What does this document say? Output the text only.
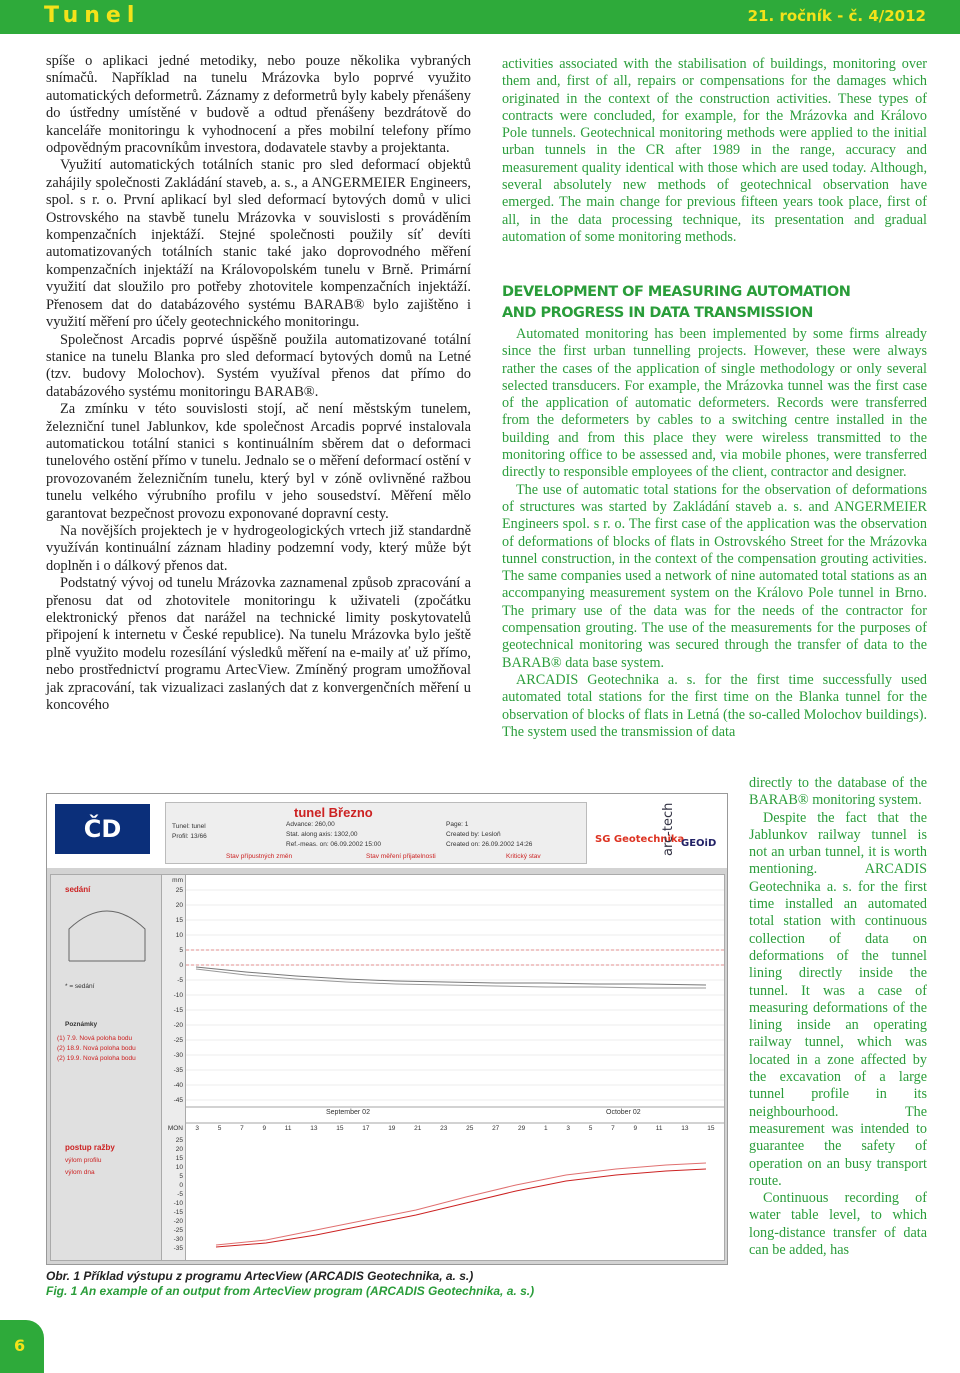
Tunel	21. ročník - č. 4/2012

spíše o aplikaci jedné metodiky, nebo pouze několika vybraných snímačů. Například na tunelu Mrázovka bylo poprvé využito automatických deformetrů. Záznamy z deformetrů byly kabely přenášeny do ústředny umístěné v budově a odtud přenášeny bezdrátově do kanceláře monitoringu k vyhodnocení a přes mobilní telefony přímo odpovědným pracovníkům investora, dodavatele stavby a projektanta.

Využití automatických totálních stanic pro sled deformací objektů zahájily společnosti Zakládání staveb, a. s., a ANGERMEIER Engineers, spol. s r. o. První aplikací byl sled deformací bytových domů v ulici Ostrovského na stavbě tunelu Mrázovka v souvislosti s prováděním kompenzačních injektáží. Stejné společnosti použily síť devíti automatizovaných totálních stanic také jako doprovodného měření kompenzačních injektáží na Královopolském tunelu v Brně. Primární využití dat sloužilo pro potřeby zhotovitele kompenzačních injektáží. Přenosem dat do databázového systému BARAB® bylo zajištěno i využití měření pro účely geotechnického monitoringu.

Společnost Arcadis poprvé úspěšně použila automatizované totální stanice na tunelu Blanka pro sled deformací bytových domů na Letné (tzv. budovy Molochov). Systém využíval přenos dat přímo do databázového systému monitoringu BARAB®.

Za zmínku v této souvislosti stojí, ač není městským tunelem, železniční tunel Jablunkov, kde společnost Arcadis poprvé instalovala automatickou totální stanici s kontinuálním sběrem dat o deformaci tunelového ostění přímo v tunelu. Jednalo se o měření deformací ostění v provozovaném železničním tunelu, který byl v zóně ovlivněné ražbou tunelu velkého výrubního profilu v jeho sousedství. Měření mělo garantovat bezpečnost provozu exponované dopravní cesty.

Na novějších projektech je v hydrogeologických vrtech již standardně využíván kontinuální záznam hladiny podzemní vody, který může být doplněn i o dálkový přenos dat.

Podstatný vývoj od tunelu Mrázovka zaznamenal způsob zpracování a přenosu dat od zhotovitele monitoringu k uživateli (zpočátku elektronický přenos dat narážel na technické limity poskytovatelů připojení k internetu v České republice). Na tunelu Mrázovka bylo ještě plně využito modelu rozesílání výsledků měření na e-maily ať už přímo, nebo prostřednictví programu ArtecView. Zmíněný program umožňoval jak zpracování, tak vizualizaci zaslaných dat z konvergenčních měření u koncového

activities associated with the stabilisation of buildings, monitoring over them and, first of all, repairs or compensations for the damages which originated in the context of the construction activities. These types of contracts were concluded, for example, for the Mrázovka and Královo Pole tunnels. Geotechnical monitoring methods were applied to the initial urban tunnels in the CR after 1989 in the range, accuracy and measurement quality identical with those which are used today. Although, several absolutely new methods of geotechnical observation have emerged. The main change for previous fifteen years took place, first of all, in the data processing technique, its presentation and gradual automation of some monitoring methods.

DEVELOPMENT OF MEASURING AUTOMATION
AND PROGRESS IN DATA TRANSMISSION

Automated monitoring has been implemented by some firms already since the first urban tunnelling projects. However, these were always rather the cases of the application of single methodology or only several selected transducers. For example, the Mrázovka tunnel was the first case of the application of automatic deformeters. Records were transferred from the deformeters by cables to a switching centre installed in the building and from this place they were wireless transmitted to the monitoring office to be assessed and, via mobile phones, were transferred directly to responsible employees of the client, contractor and designer.

The use of automatic total stations for the observation of deformations of structures was started by Zakládání staveb a. s. and ANGERMEIER Engineers spol. s r. o. The first case of the application was the observation of deformations of blocks of flats in Ostrovského Street for the Mrázovka tunnel construction, in the context of the compensation grouting activities. The same companies used a network of nine automated total stations as an accompanying measurement system on the Královo Pole tunnel in Brno. The primary use of the data was for the needs of the contractor for compensation grouting. The use of the measurements for the purposes of geotechnical monitoring was secured through the transfer of data to the BARAB® data base system.

ARCADIS Geotechnika a. s. for the first time successfully used automated total stations for the first time on the Blanka tunnel for the observation of blocks of flats in Letná (the so-called Molochov buildings). The system used the transmission of data

directly to the database of the BARAB® monitoring system.

Despite the fact that the Jablunkov railway tunnel is not an urban tunnel, it is worth mentioning. ARCADIS Geotechnika a. s. for the first time installed an automated total station with continuous collection of data on deformations of the tunnel lining directly inside the tunnel. It was a case of measuring deformations of the lining inside an operating railway tunnel, which was located in a zone affected by the excavation of a large tunnel profile in its neighbourhood. The measurement was intended to guarantee the safety of operation on an busy transport route.

Continuous recording of water table level, to which long-distance transfer of data can be added, has

ČD
tunel Březno
Tunel: tunel
Profil: 13/66
Advance: 260,00
Stat. along axis: 1302,00
Ref.-meas. on: 06.09.2002 15:00
Page: 1
Created by: Lesloň
Created on: 26.09.2002 14:26
Stav přípustných změn	Stav měření přijatelnosti	Kritický stav
SG Geotechnika
arc-tech GEOiD
sedání
* = sedání
Poznámky
(1) 7.9. Nová poloha bodu
(2) 18.9. Nová poloha bodu
(2) 19.9. Nová poloha bodu
postup ražby
výlom profilu
výlom dna
mm
25
20
15
10
5
0
-5
-10
-15
-20
-25
-30
-35
-40
-45
MON
25
20
15
10
5
0
-5
-10
-15
-20
-25
-30
-35
September 02	October 02
3	5	7	9	11	13	15	17	19	21	23	25	27	29	1	3	5	7	9	11	13	15
Obr. 1 Příklad výstupu z programu ArtecView (ARCADIS Geotechnika, a. s.)
Fig. 1 An example of an output from ArtecView program (ARCADIS Geotechnika, a. s.)
6
